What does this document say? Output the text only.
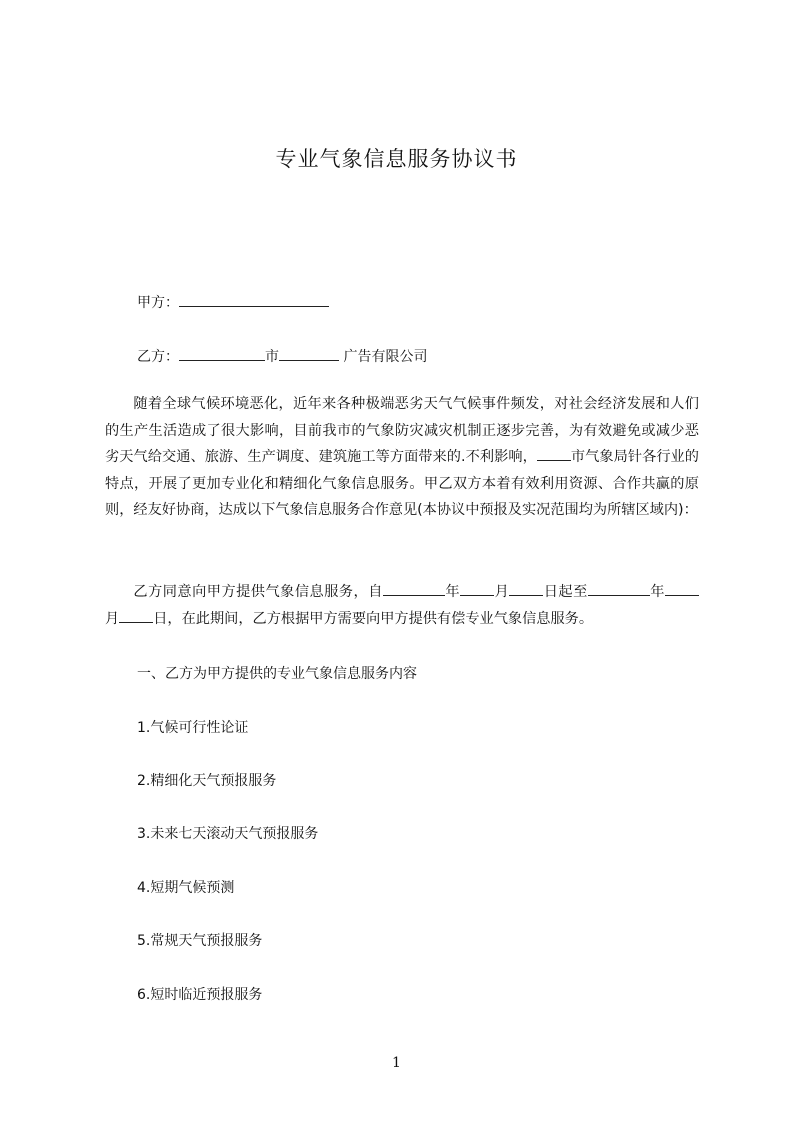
专业气象信息服务协议书
甲方：
乙方：	市	广告有限公司

随着全球气候环境恶化，近年来各种极端恶劣天气气候事件频发，对社会经济发展和人们的生产生活造成了很大影响，目前我市的气象防灾减灾机制正逐步完善，为有效避免或减少恶劣天气给交通、旅游、生产调度、建筑施工等方面带来的.不利影响， 市气象局针各行业的特点，开展了更加专业化和精细化气象信息服务。甲乙双方本着有效利用资源、合作共赢的原则，经友好协商，达成以下气象信息服务合作意见(本协议中预报及实况范围均为所辖区域内)：

乙方同意向甲方提供气象信息服务，自	年 月 日起至	年月 日，在此期间，乙方根据甲方需要向甲方提供有偿专业气象信息服务。

一、乙方为甲方提供的专业气象信息服务内容
1.气候可行性论证
2.精细化天气预报服务
3.未来七天滚动天气预报服务
4.短期气候预测
5.常规天气预报服务
6.短时临近预报服务
1
